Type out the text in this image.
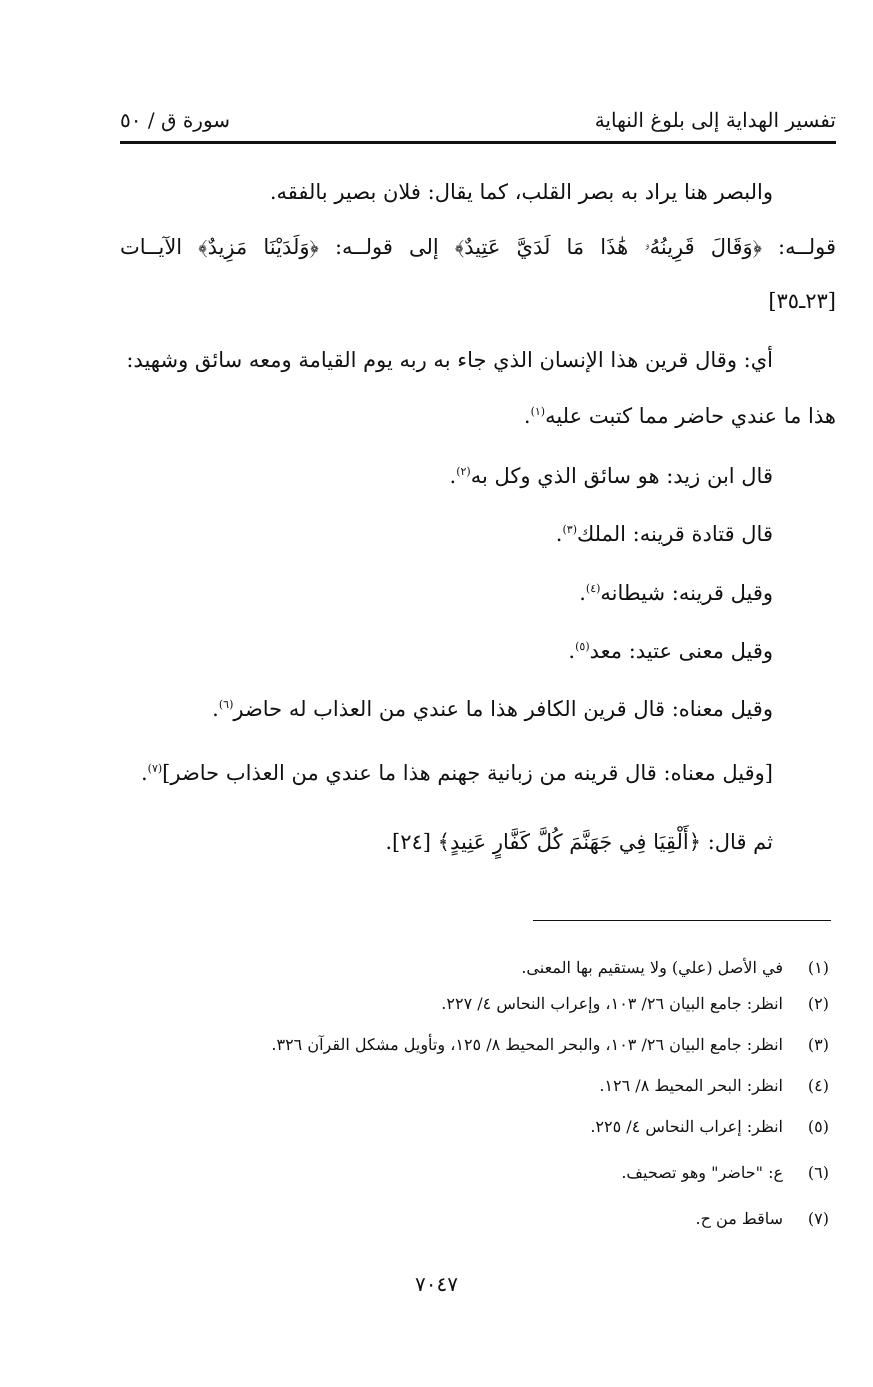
تفسير الهداية إلى بلوغ النهاية
سورة ق / ٥٠
والبصر هنا يراد به بصر القلب، كما يقال: فلان بصير بالفقه.
قولــه: ﴿وَقَالَ قَرِينُهُۥ هَٰذَا مَا لَدَيَّ عَتِيدٌ﴾ إلى قولــه: ﴿وَلَدَيْنَا مَزِيدٌ﴾ الآيــات
[٢٣ـ٣٥]
أي: وقال قرين هذا الإنسان الذي جاء به ربه يوم القيامة ومعه سائق وشهيد:
هذا ما عندي حاضر مما كتبت عليه$^{(١)}$.
قال ابن زيد: هو سائق الذي وكل به$^{(٢)}$.
قال قتادة قرينه: الملك$^{(٣)}$.
وقيل قرينه: شيطانه$^{(٤)}$.
وقيل معنى عتيد: معد$^{(٥)}$.
وقيل معناه: قال قرين الكافر هذا ما عندي من العذاب له حاضر$^{(٦)}$.
[وقيل معناه: قال قرينه من زبانية جهنم هذا ما عندي من العذاب حاضر]$^{(٧)}$.
ثم قال: ﴿أَلْقِيَا فِي جَهَنَّمَ كُلَّ كَفَّارٍ عَنِيدٍ﴾ [٢٤].
(١)
في الأصل (علي) ولا يستقيم بها المعنى.
(٢)
انظر: جامع البيان ٢٦/ ١٠٣، وإعراب النحاس ٤/ ٢٢٧.
(٣)
انظر: جامع البيان ٢٦/ ١٠٣، والبحر المحيط ٨/ ١٢٥، وتأويل مشكل القرآن ٣٢٦.
(٤)
انظر: البحر المحيط ٨/ ١٢٦.
(٥)
انظر: إعراب النحاس ٤/ ٢٢٥.
(٦)
ع: "حاضر" وهو تصحيف.
(٧)
ساقط من ح.
٧٠٤٧
